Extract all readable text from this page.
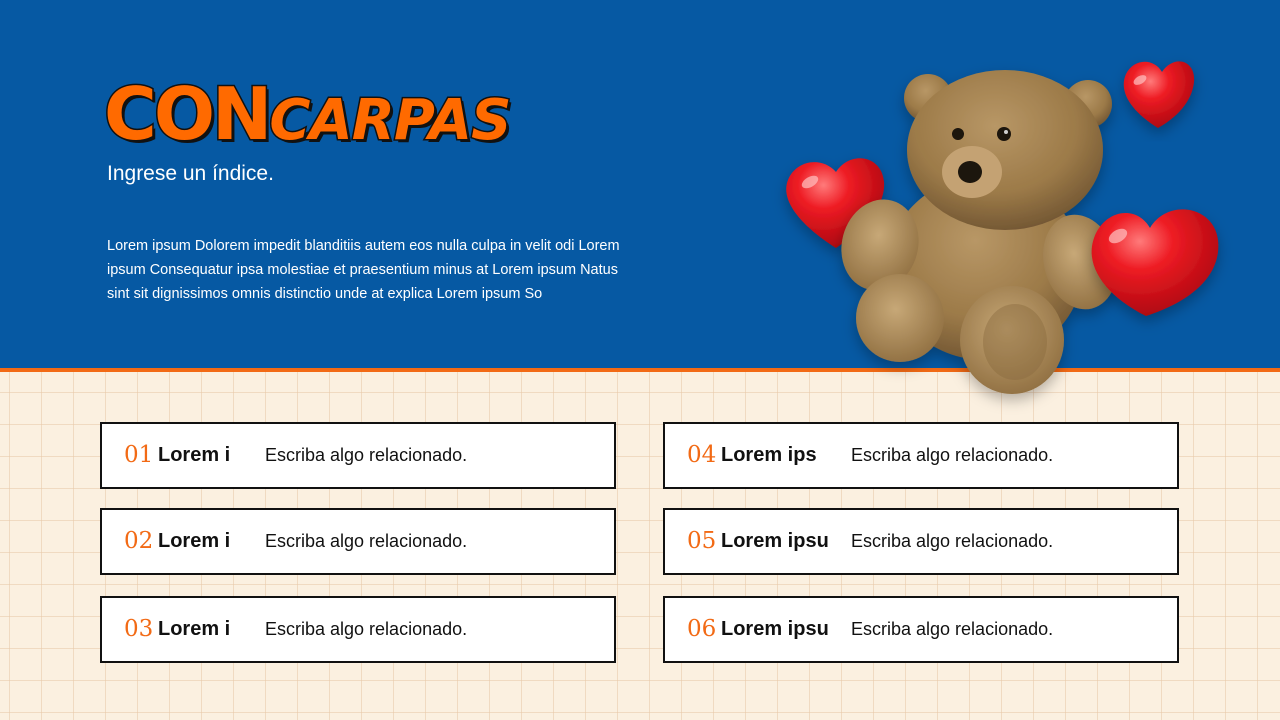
CONCARPAS

Ingrese un índice.

Lorem ipsum Dolorem impedit blanditiis autem eos nulla culpa in velit odi Lorem ipsum Consequatur ipsa molestiae et praesentium minus at Lorem ipsum Natus sint sit dignissimos omnis distinctio unde at explica Lorem ipsum So

01 Lorem i Escriba algo relacionado.
02 Lorem i Escriba algo relacionado.
03 Lorem i Escriba algo relacionado.
04 Lorem ips Escriba algo relacionado.
05 Lorem ipsu Escriba algo relacionado.
06 Lorem ipsu Escriba algo relacionado.
